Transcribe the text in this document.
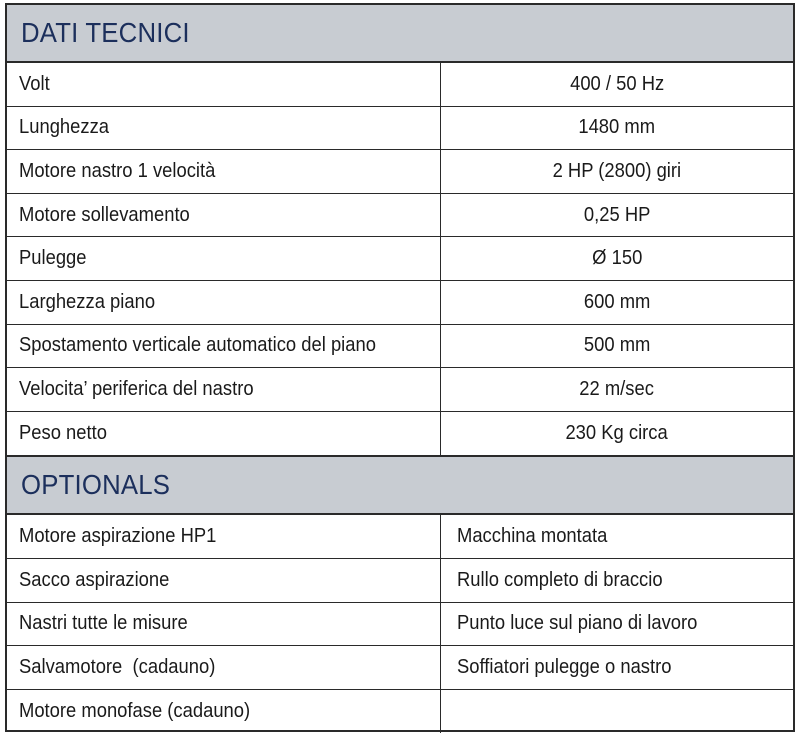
DATI TECNICI
Volt	400 / 50 Hz
Lunghezza	1480 mm
Motore nastro 1 velocità	2 HP (2800) giri
Motore sollevamento	0,25 HP
Pulegge	Ø 150
Larghezza piano	600 mm
Spostamento verticale automatico del piano	500 mm
Velocita’ periferica del nastro	22 m/sec
Peso netto	230 Kg circa
OPTIONALS
Motore aspirazione HP1	Macchina montata
Sacco aspirazione	Rullo completo di braccio
Nastri tutte le misure	Punto luce sul piano di lavoro
Salvamotore  (cadauno)	Soffiatori pulegge o nastro
Motore monofase (cadauno)
